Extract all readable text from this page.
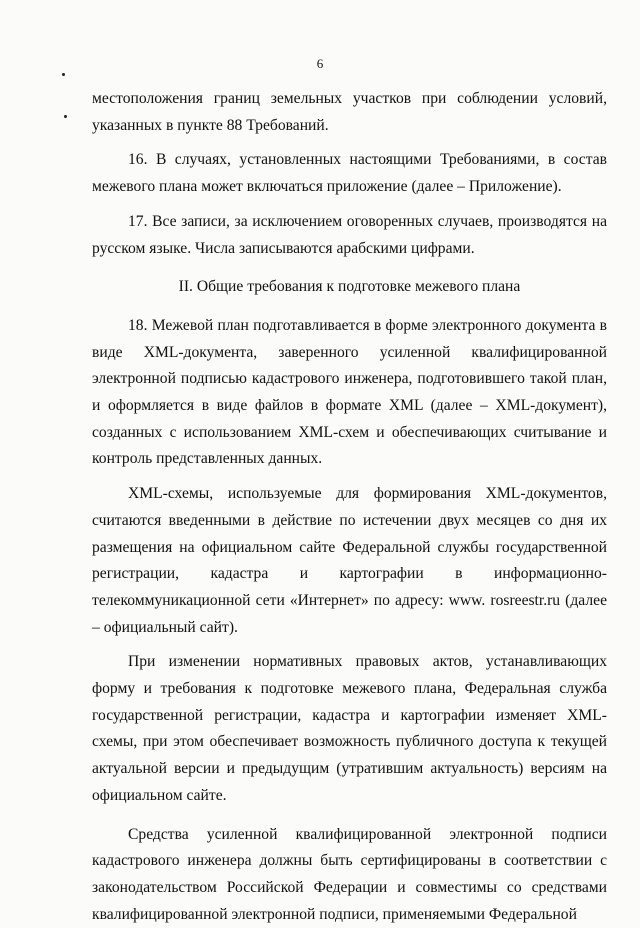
6

местоположения границ земельных участков при соблюдении условий, указанных в пункте 88 Требований.

16. В случаях, установленных настоящими Требованиями, в состав межевого плана может включаться приложение (далее – Приложение).

17. Все записи, за исключением оговоренных случаев, производятся на русском языке. Числа записываются арабскими цифрами.

II. Общие требования к подготовке межевого плана

18. Межевой план подготавливается в форме электронного документа в виде XML-документа, заверенного усиленной квалифицированной электронной подписью кадастрового инженера, подготовившего такой план, и оформляется в виде файлов в формате XML (далее – XML-документ), созданных с использованием XML-схем и обеспечивающих считывание и контроль представленных данных.

XML-схемы, используемые для формирования XML-документов, считаются введенными в действие по истечении двух месяцев со дня их размещения на официальном сайте Федеральной службы государственной регистрации, кадастра и картографии в информационно-телекоммуникационной сети «Интернет» по адресу: www. rosreestr.ru (далее – официальный сайт).

При изменении нормативных правовых актов, устанавливающих форму и требования к подготовке межевого плана, Федеральная служба государственной регистрации, кадастра и картографии изменяет XML-схемы, при этом обеспечивает возможность публичного доступа к текущей актуальной версии и предыдущим (утратившим актуальность) версиям на официальном сайте.

Средства усиленной квалифицированной электронной подписи кадастрового инженера должны быть сертифицированы в соответствии с законодательством Российской Федерации и совместимы со средствами квалифицированной электронной подписи, применяемыми Федеральной
